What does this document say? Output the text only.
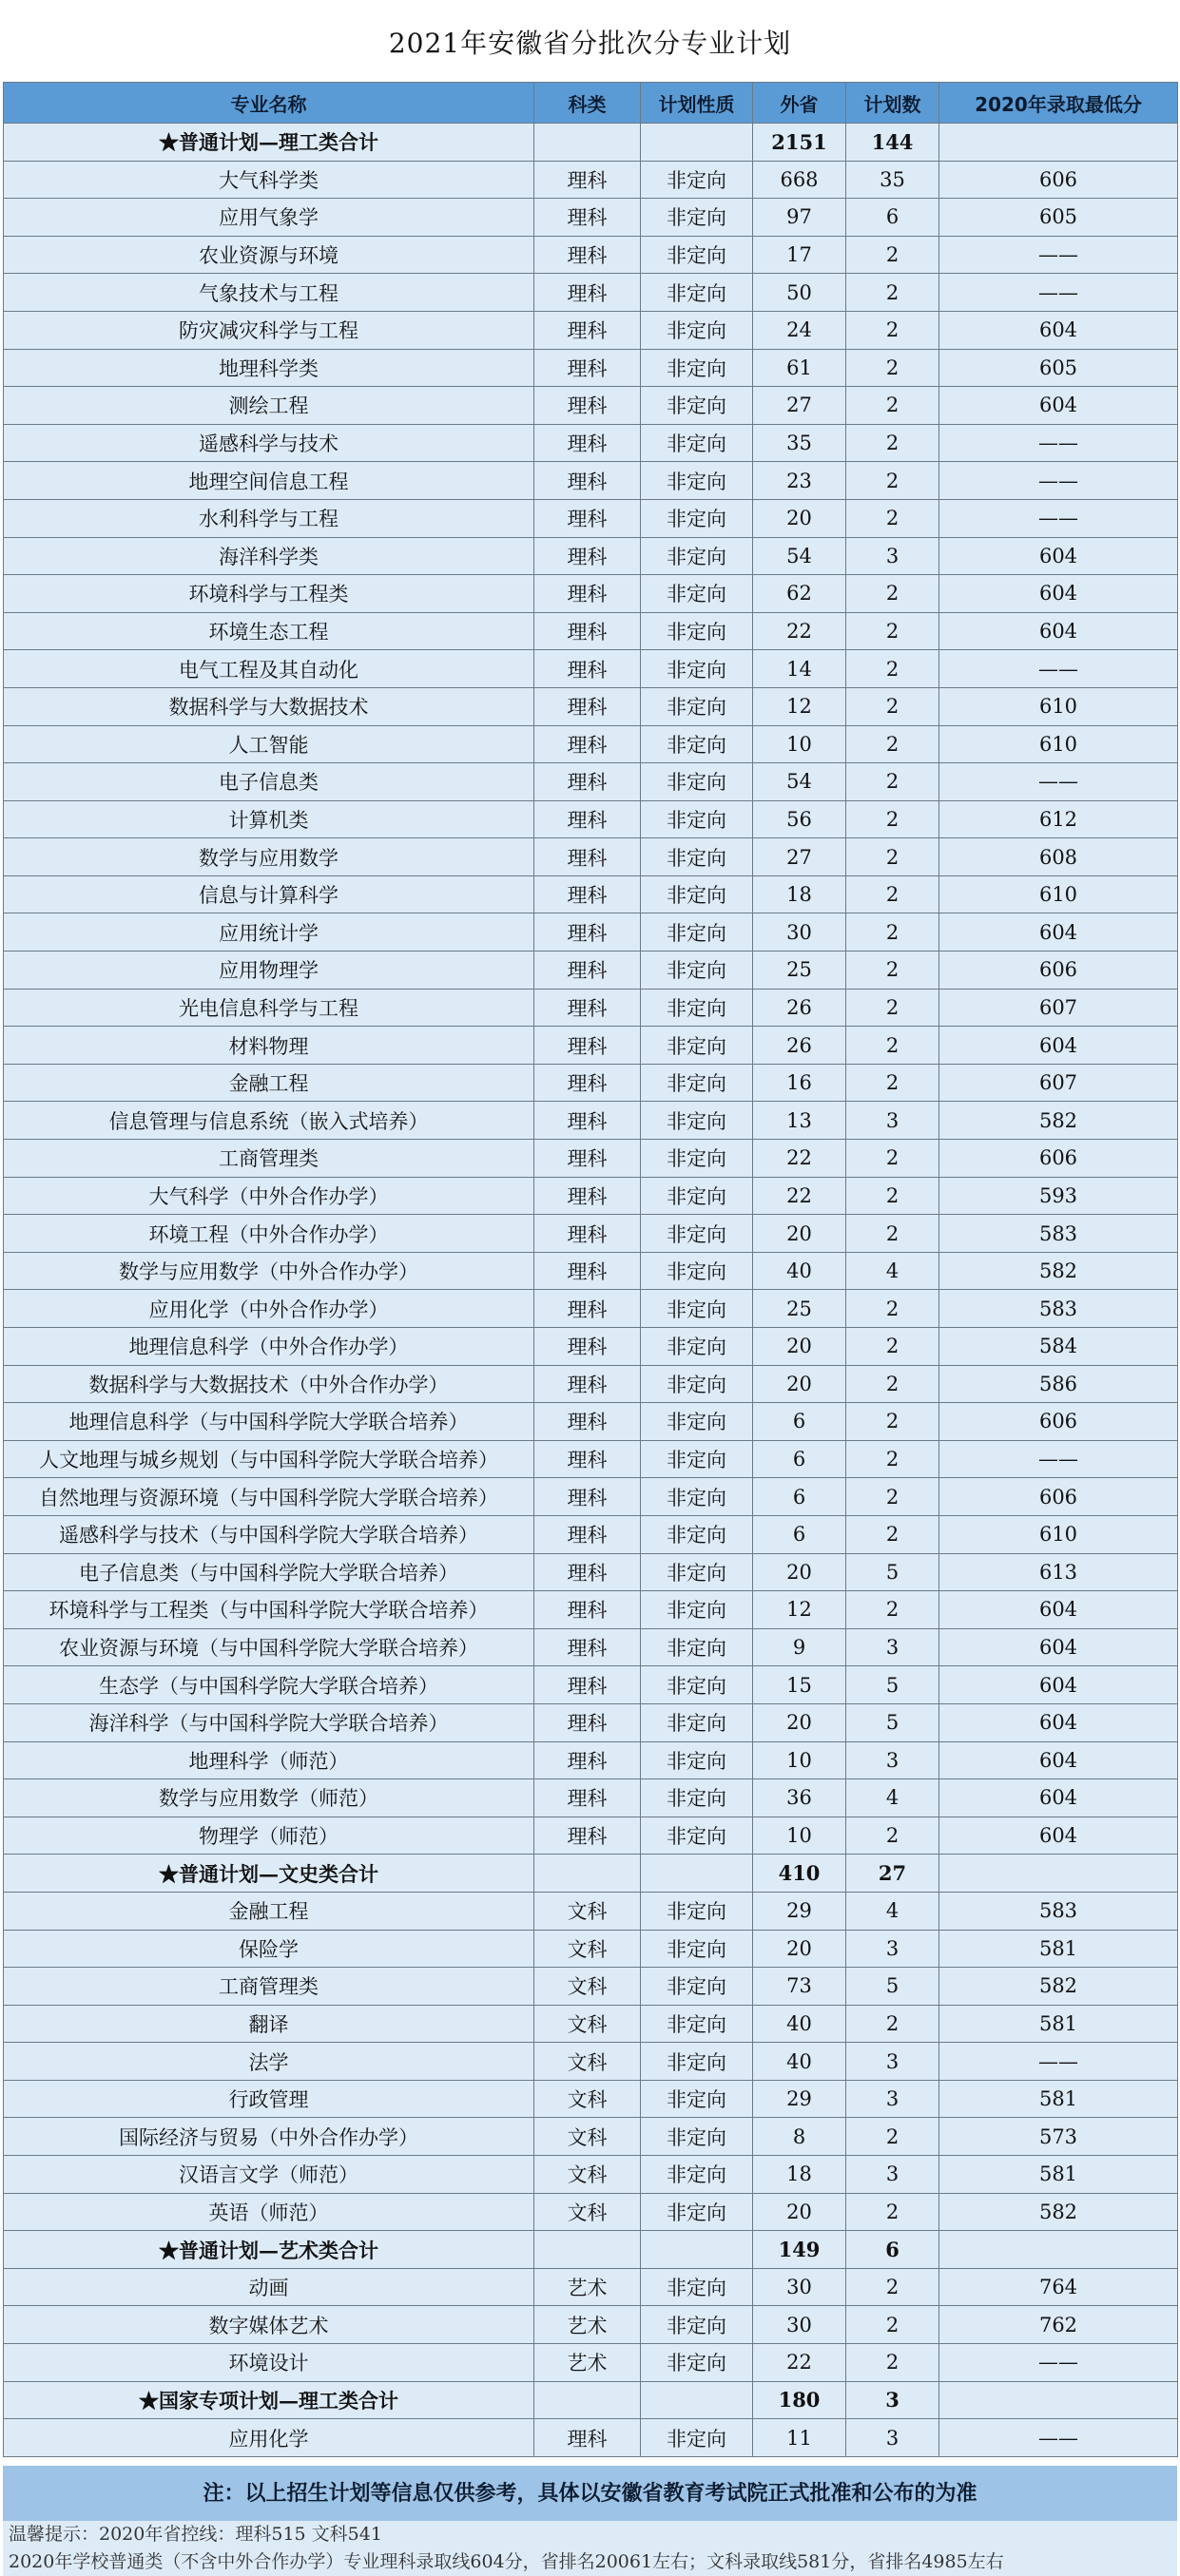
2021年安徽省分批次分专业计划
专业名称	科类	计划性质	外省	计划数	2020年录取最低分
★普通计划—理工类合计			2151	144	
大气科学类	理科	非定向	668	35	606
应用气象学	理科	非定向	97	6	605
农业资源与环境	理科	非定向	17	2	——
气象技术与工程	理科	非定向	50	2	——
防灾减灾科学与工程	理科	非定向	24	2	604
地理科学类	理科	非定向	61	2	605
测绘工程	理科	非定向	27	2	604
遥感科学与技术	理科	非定向	35	2	——
地理空间信息工程	理科	非定向	23	2	——
水利科学与工程	理科	非定向	20	2	——
海洋科学类	理科	非定向	54	3	604
环境科学与工程类	理科	非定向	62	2	604
环境生态工程	理科	非定向	22	2	604
电气工程及其自动化	理科	非定向	14	2	——
数据科学与大数据技术	理科	非定向	12	2	610
人工智能	理科	非定向	10	2	610
电子信息类	理科	非定向	54	2	——
计算机类	理科	非定向	56	2	612
数学与应用数学	理科	非定向	27	2	608
信息与计算科学	理科	非定向	18	2	610
应用统计学	理科	非定向	30	2	604
应用物理学	理科	非定向	25	2	606
光电信息科学与工程	理科	非定向	26	2	607
材料物理	理科	非定向	26	2	604
金融工程	理科	非定向	16	2	607
信息管理与信息系统（嵌入式培养）	理科	非定向	13	3	582
工商管理类	理科	非定向	22	2	606
大气科学（中外合作办学）	理科	非定向	22	2	593
环境工程（中外合作办学）	理科	非定向	20	2	583
数学与应用数学（中外合作办学）	理科	非定向	40	4	582
应用化学（中外合作办学）	理科	非定向	25	2	583
地理信息科学（中外合作办学）	理科	非定向	20	2	584
数据科学与大数据技术（中外合作办学）	理科	非定向	20	2	586
地理信息科学（与中国科学院大学联合培养）	理科	非定向	6	2	606
人文地理与城乡规划（与中国科学院大学联合培养）	理科	非定向	6	2	——
自然地理与资源环境（与中国科学院大学联合培养）	理科	非定向	6	2	606
遥感科学与技术（与中国科学院大学联合培养）	理科	非定向	6	2	610
电子信息类（与中国科学院大学联合培养）	理科	非定向	20	5	613
环境科学与工程类（与中国科学院大学联合培养）	理科	非定向	12	2	604
农业资源与环境（与中国科学院大学联合培养）	理科	非定向	9	3	604
生态学（与中国科学院大学联合培养）	理科	非定向	15	5	604
海洋科学（与中国科学院大学联合培养）	理科	非定向	20	5	604
地理科学（师范）	理科	非定向	10	3	604
数学与应用数学（师范）	理科	非定向	36	4	604
物理学（师范）	理科	非定向	10	2	604
★普通计划—文史类合计			410	27	
金融工程	文科	非定向	29	4	583
保险学	文科	非定向	20	3	581
工商管理类	文科	非定向	73	5	582
翻译	文科	非定向	40	2	581
法学	文科	非定向	40	3	——
行政管理	文科	非定向	29	3	581
国际经济与贸易（中外合作办学）	文科	非定向	8	2	573
汉语言文学（师范）	文科	非定向	18	3	581
英语（师范）	文科	非定向	20	2	582
★普通计划—艺术类合计			149	6	
动画	艺术	非定向	30	2	764
数字媒体艺术	艺术	非定向	30	2	762
环境设计	艺术	非定向	22	2	——
★国家专项计划—理工类合计			180	3	
应用化学	理科	非定向	11	3	——
注：以上招生计划等信息仅供参考，具体以安徽省教育考试院正式批准和公布的为准
温馨提示：2020年省控线：理科515 文科541
2020年学校普通类（不含中外合作办学）专业理科录取线604分，省排名20061左右；文科录取线581分，省排名4985左右
